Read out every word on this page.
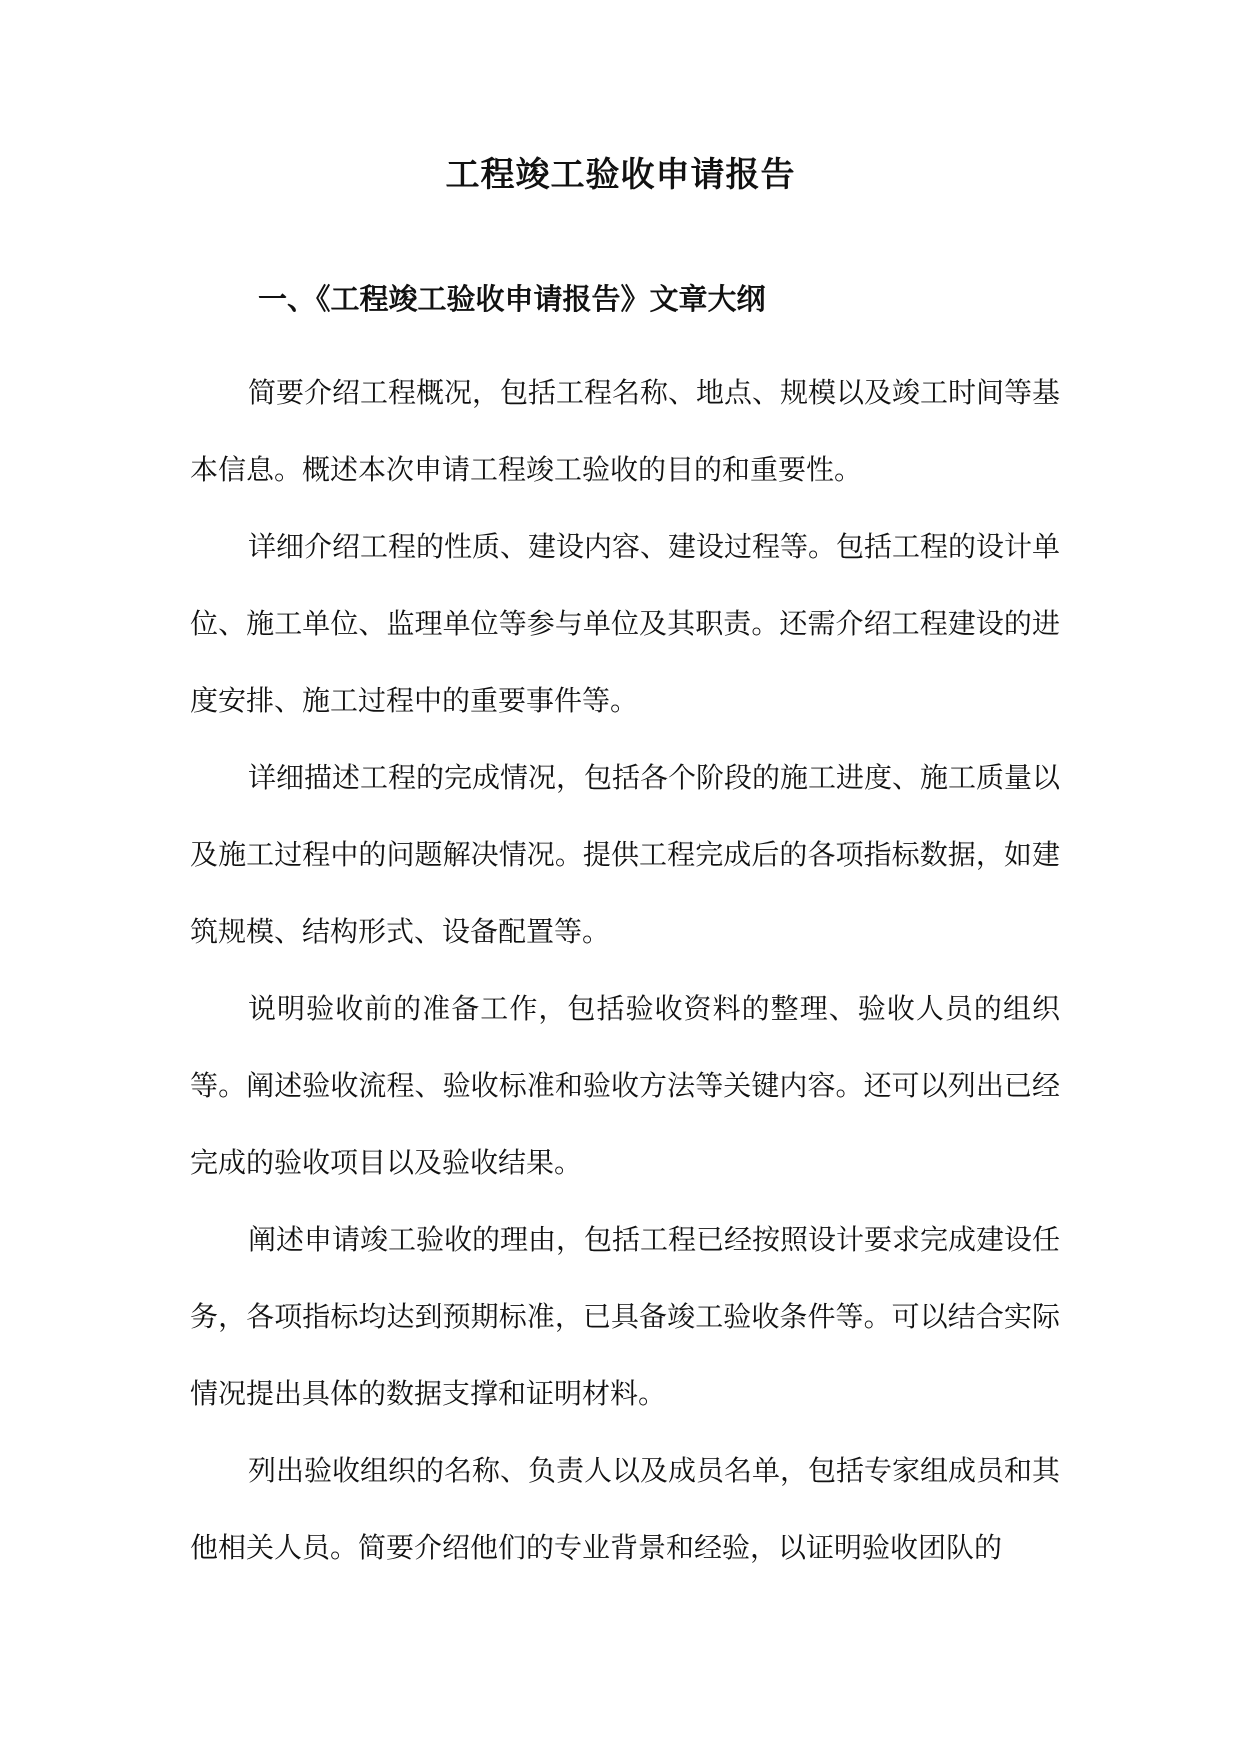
工程竣工验收申请报告
一、《工程竣工验收申请报告》文章大纲

简要介绍工程概况，包括工程名称、地点、规模以及竣工时间等基本信息。概述本次申请工程竣工验收的目的和重要性。

详细介绍工程的性质、建设内容、建设过程等。包括工程的设计单位、施工单位、监理单位等参与单位及其职责。还需介绍工程建设的进度安排、施工过程中的重要事件等。

详细描述工程的完成情况，包括各个阶段的施工进度、施工质量以及施工过程中的问题解决情况。提供工程完成后的各项指标数据，如建筑规模、结构形式、设备配置等。

说明验收前的准备工作，包括验收资料的整理、验收人员的组织等。阐述验收流程、验收标准和验收方法等关键内容。还可以列出已经完成的验收项目以及验收结果。

阐述申请竣工验收的理由，包括工程已经按照设计要求完成建设任务，各项指标均达到预期标准，已具备竣工验收条件等。可以结合实际情况提出具体的数据支撑和证明材料。

列出验收组织的名称、负责人以及成员名单，包括专家组成员和其他相关人员。简要介绍他们的专业背景和经验，以证明验收团队的
